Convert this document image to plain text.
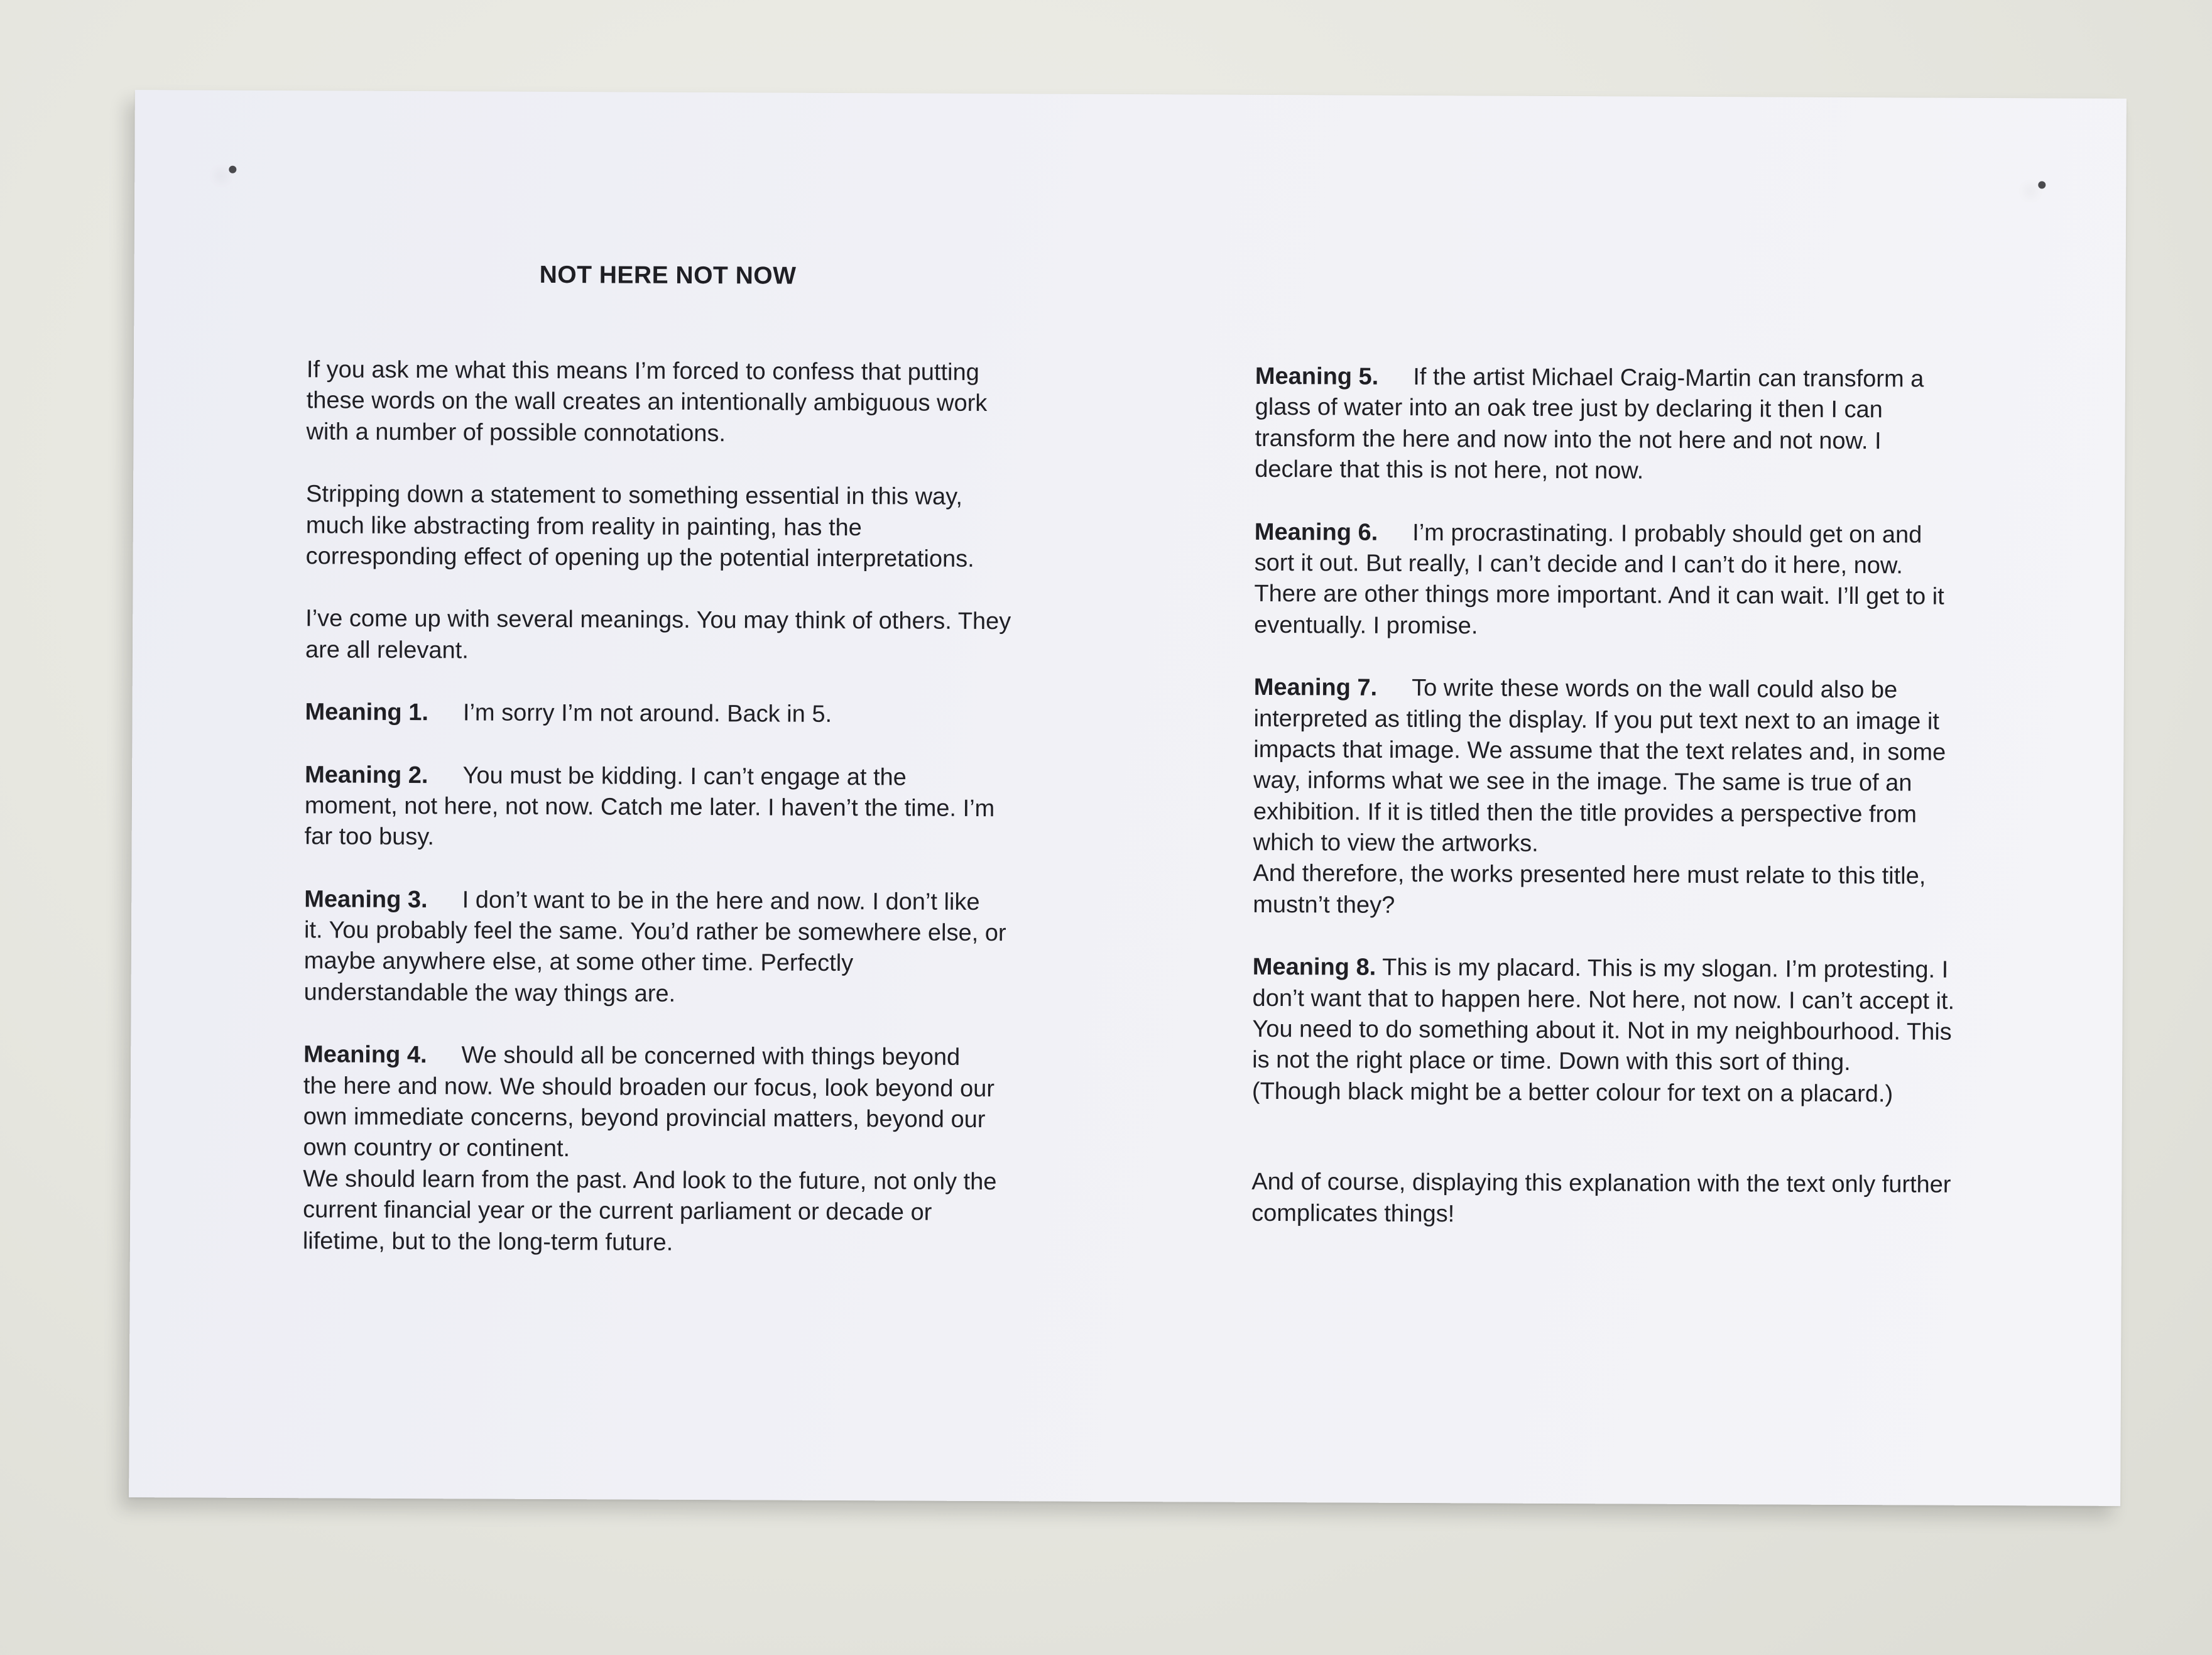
NOT HERE NOT NOW

If you ask me what this means I’m forced to confess that putting
these words on the wall creates an intentionally ambiguous work
with a number of possible connotations.

Stripping down a statement to something essential in this way,
much like abstracting from reality in painting, has the
corresponding effect of opening up the potential interpretations.

I’ve come up with several meanings. You may think of others. They
are all relevant.

Meaning 1. I’m sorry I’m not around. Back in 5.

Meaning 2. You must be kidding. I can’t engage at the
moment, not here, not now. Catch me later. I haven’t the time. I’m
far too busy.

Meaning 3. I don’t want to be in the here and now. I don’t like
it. You probably feel the same. You’d rather be somewhere else, or
maybe anywhere else, at some other time. Perfectly
understandable the way things are.

Meaning 4. We should all be concerned with things beyond
the here and now. We should broaden our focus, look beyond our
own immediate concerns, beyond provincial matters, beyond our
own country or continent.
We should learn from the past. And look to the future, not only the
current financial year or the current parliament or decade or
lifetime, but to the long-term future.

Meaning 5. If the artist Michael Craig-Martin can transform a
glass of water into an oak tree just by declaring it then I can
transform the here and now into the not here and not now. I
declare that this is not here, not now.

Meaning 6. I’m procrastinating. I probably should get on and
sort it out. But really, I can’t decide and I can’t do it here, now.
There are other things more important. And it can wait. I’ll get to it
eventually. I promise.

Meaning 7. To write these words on the wall could also be
interpreted as titling the display. If you put text next to an image it
impacts that image. We assume that the text relates and, in some
way, informs what we see in the image. The same is true of an
exhibition. If it is titled then the title provides a perspective from
which to view the artworks.
And therefore, the works presented here must relate to this title,
mustn’t they?

Meaning 8. This is my placard. This is my slogan. I’m protesting. I
don’t want that to happen here. Not here, not now. I can’t accept it.
You need to do something about it. Not in my neighbourhood. This
is not the right place or time. Down with this sort of thing.
(Though black might be a better colour for text on a placard.)

And of course, displaying this explanation with the text only further
complicates things!
